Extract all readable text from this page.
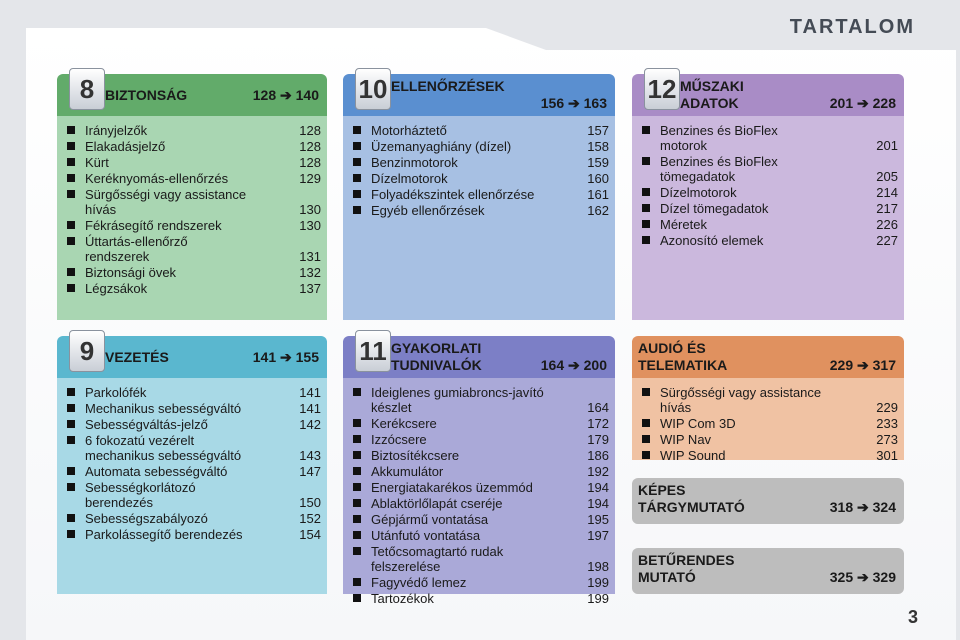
TARTALOM
8 BIZTONSÁG	128 ➔ 140
Irányjelzők	128
Elakadásjelző	128
Kürt	128
Keréknyomás-ellenőrzés	129
Sürgősségi vagy assistance
hívás	130
Fékrásegítő rendszerek	130
Úttartás-ellenőrző
rendszerek	131
Biztonsági övek	132
Légzsákok	137
10 ELLENŐRZÉSEK
156 ➔ 163
Motorháztető	157
Üzemanyaghiány (dízel)	158
Benzinmotorok	159
Dízelmotorok	160
Folyadékszintek ellenőrzése	161
Egyéb ellenőrzések	162
12 MŰSZAKI
ADATOK	201 ➔ 228
Benzines és BioFlex
motorok	201
Benzines és BioFlex
tömegadatok	205
Dízelmotorok	214
Dízel tömegadatok	217
Méretek	226
Azonosító elemek	227
9 VEZETÉS	141 ➔ 155
Parkolófék	141
Mechanikus sebességváltó	141
Sebességváltás-jelző	142
6 fokozatú vezérelt
mechanikus sebességváltó	143
Automata sebességváltó	147
Sebességkorlátozó
berendezés	150
Sebességszabályozó	152
Parkolássegítő berendezés	154
11 GYAKORLATI
TUDNIVALÓK	164 ➔ 200
Ideiglenes gumiabroncs-javító
készlet	164
Kerékcsere	172
Izzócsere	179
Biztosítékcsere	186
Akkumulátor	192
Energiatakarékos üzemmód	194
Ablaktörlőlapát cseréje	194
Gépjármű vontatása	195
Utánfutó vontatása	197
Tetőcsomagtartó rudak
felszerelése	198
Fagyvédő lemez	199
Tartozékok	199
AUDIÓ ÉS
TELEMATIKA	229 ➔ 317
Sürgősségi vagy assistance
hívás	229
WIP Com 3D	233
WIP Nav	273
WIP Sound	301
KÉPES
TÁRGYMUTATÓ	318 ➔ 324
BETŰRENDES
MUTATÓ	325 ➔ 329
3
